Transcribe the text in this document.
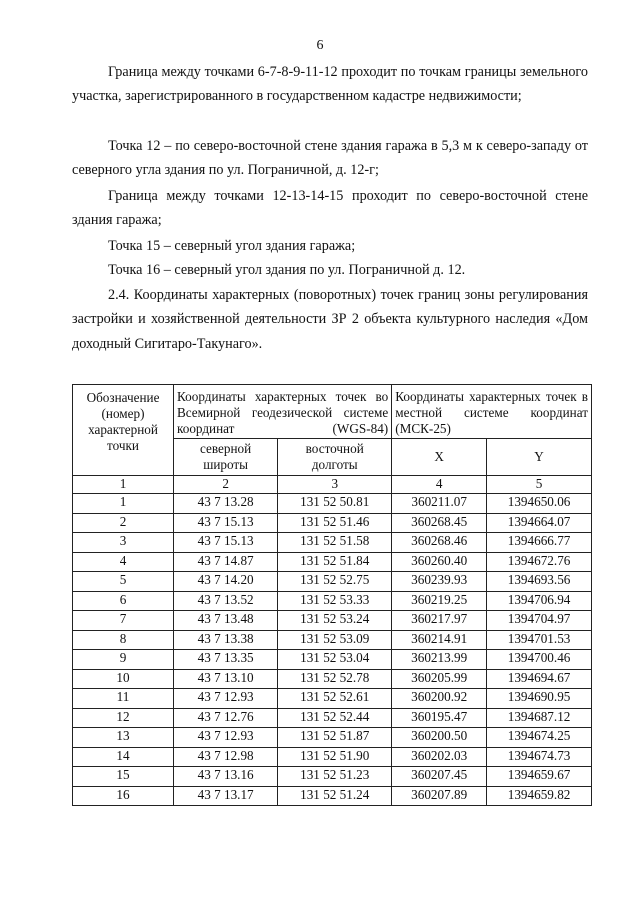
6
Граница между точками 6-7-8-9-11-12 проходит по точкам границы земельного участка, зарегистрированного в государственном кадастре недвижимости;
Точка 12 – по северо-восточной стене здания гаража в 5,3 м к северо-западу от северного угла здания по ул. Пограничной, д. 12-г;
Граница между точками 12-13-14-15 проходит по северо-восточной стене здания гаража;
Точка 15 – северный угол здания гаража;
Точка 16 – северный угол здания по ул. Пограничной д. 12.
2.4. Координаты характерных (поворотных) точек границ зоны регулирования застройки и хозяйственной деятельности ЗР 2 объекта культурного наследия «Дом доходный Сигитаро-Такунаго».
Обозначение (номер) характерной точки	Координаты характерных точек во Всемирной геодезической системе координат (WGS-84)		Координаты характерных точек в местной системе координат (МСК-25)	
	северной широты	восточной долготы	X	Y
1	2	3	4	5
1	43 7 13.28	131 52 50.81	360211.07	1394650.06
2	43 7 15.13	131 52 51.46	360268.45	1394664.07
3	43 7 15.13	131 52 51.58	360268.46	1394666.77
4	43 7 14.87	131 52 51.84	360260.40	1394672.76
5	43 7 14.20	131 52 52.75	360239.93	1394693.56
6	43 7 13.52	131 52 53.33	360219.25	1394706.94
7	43 7 13.48	131 52 53.24	360217.97	1394704.97
8	43 7 13.38	131 52 53.09	360214.91	1394701.53
9	43 7 13.35	131 52 53.04	360213.99	1394700.46
10	43 7 13.10	131 52 52.78	360205.99	1394694.67
11	43 7 12.93	131 52 52.61	360200.92	1394690.95
12	43 7 12.76	131 52 52.44	360195.47	1394687.12
13	43 7 12.93	131 52 51.87	360200.50	1394674.25
14	43 7 12.98	131 52 51.90	360202.03	1394674.73
15	43 7 13.16	131 52 51.23	360207.45	1394659.67
16	43 7 13.17	131 52 51.24	360207.89	1394659.82
